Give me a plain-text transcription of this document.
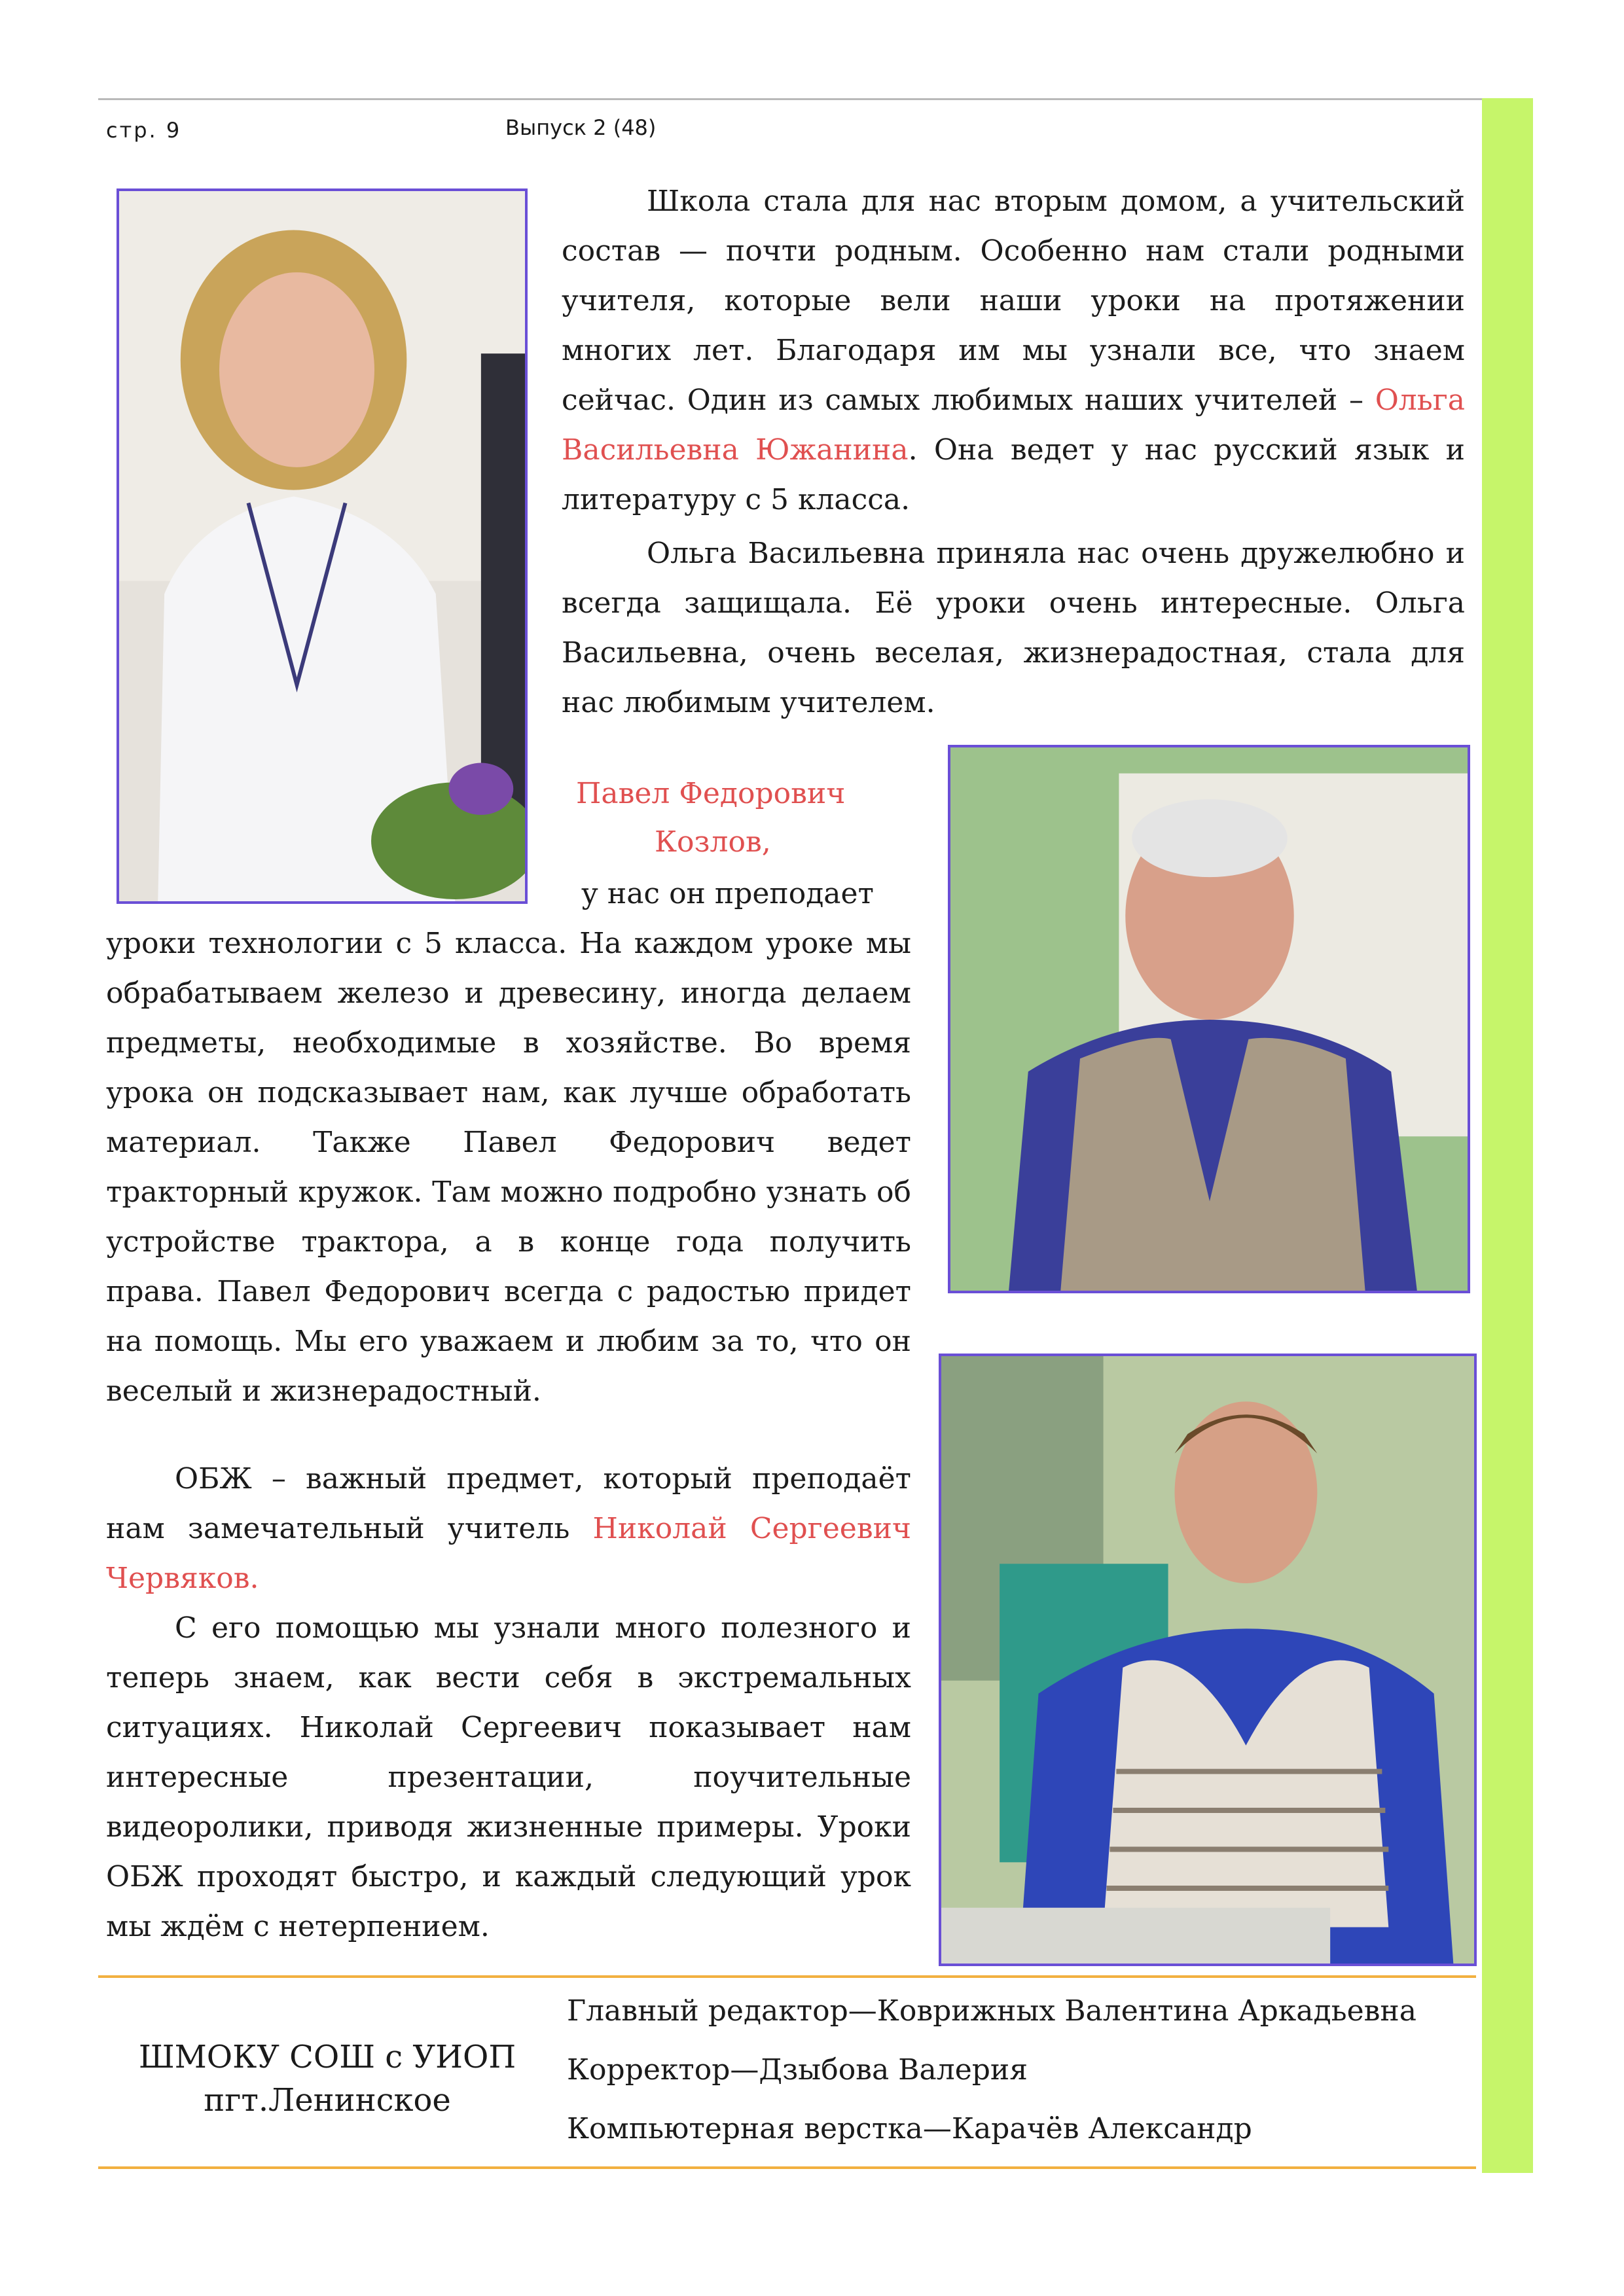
стр. 9	Выпуск 2 (48)

Школа стала для нас вторым домом, а учительский состав — почти родным. Особенно нам стали родными учителя, которые вели наши уроки на протяжении многих лет. Благодаря им мы узнали все, что знаем сейчас. Один из самых любимых наших учителей – Ольга Васильевна Южанина. Она ведет у нас русский язык и литературу с 5 класса.

Ольга Васильевна приняла нас очень дружелюбно и всегда защищала. Её уроки очень интересные. Ольга Васильевна, очень веселая, жизнерадостная, стала для нас любимым учителем.

Павел Федорович
Козлов,
у нас он преподает

уроки технологии с 5 класса. На каждом уроке мы обрабатываем железо и древесину, иногда делаем предметы, необходимые в хозяйстве. Во время урока он подсказывает нам, как лучше обработать материал. Также Павел Федорович ведет тракторный кружок. Там можно подробно узнать об устройстве трактора, а в конце года получить права. Павел Федорович всегда с радостью придет на помощь. Мы его уважаем и любим за то, что он веселый и жизнерадостный.

ОБЖ – важный предмет, который преподаёт нам замечательный учитель Николай Сергеевич Червяков.

С его помощью мы узнали много полезного и теперь знаем, как вести себя в экстремальных ситуациях. Николай Сергеевич показывает нам интересные презентации, поучительные видеоролики, приводя жизненные примеры. Уроки ОБЖ проходят быстро, и каждый следующий урок мы ждём с нетерпением.

ШМОКУ СОШ с УИОП
пгт.Ленинское
Главный редактор—Коврижных Валентина Аркадьевна
Корректор—Дзыбова Валерия
Компьютерная верстка—Карачёв Александр
